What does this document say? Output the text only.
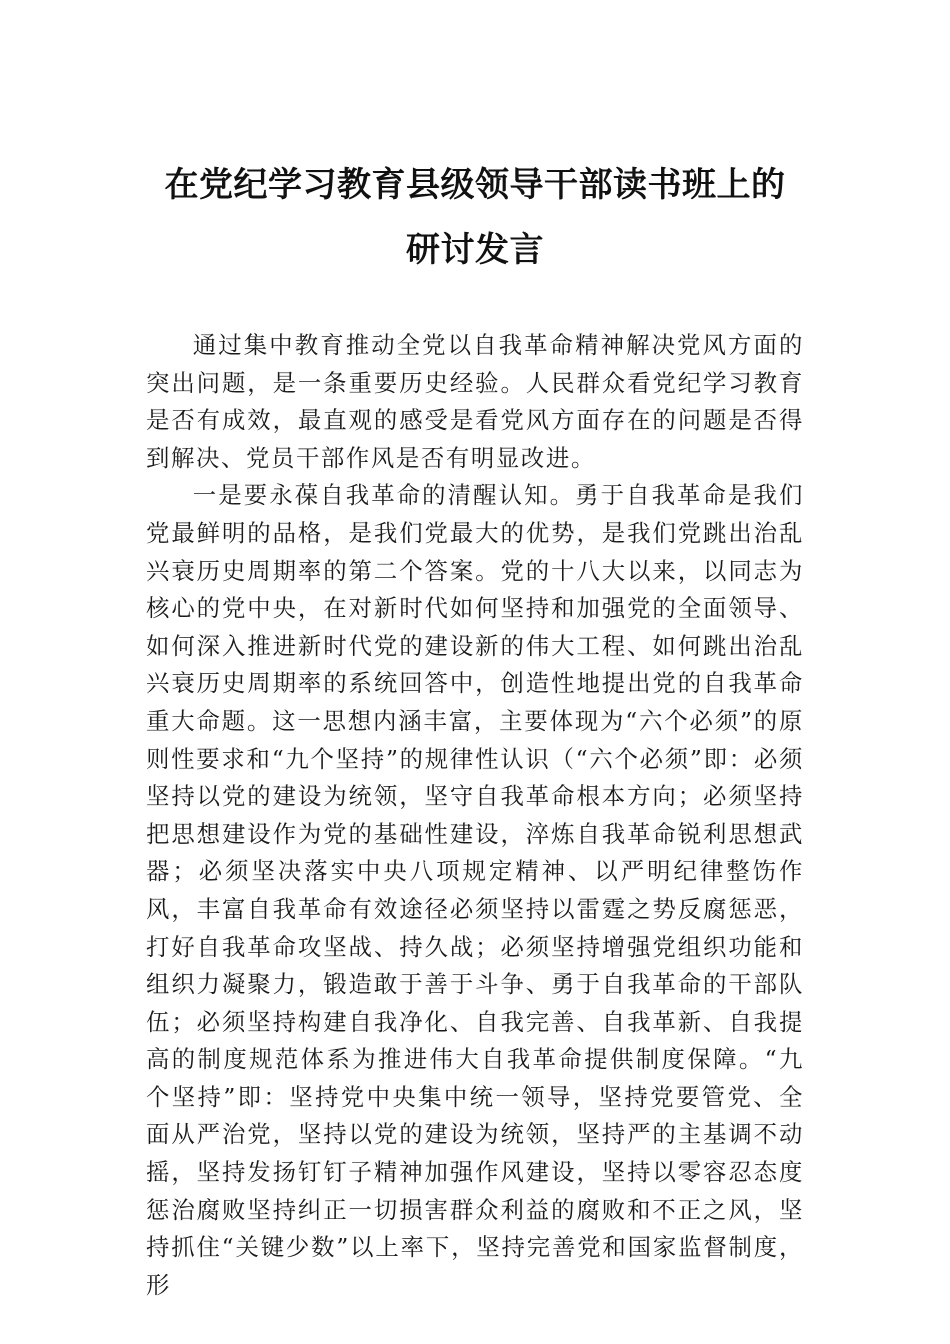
在党纪学习教育县级领导干部读书班上的
研讨发言

通过集中教育推动全党以自我革命精神解决党风方面的突出问题，是一条重要历史经验。人民群众看党纪学习教育是否有成效，最直观的感受是看党风方面存在的问题是否得到解决、党员干部作风是否有明显改进。

一是要永葆自我革命的清醒认知。勇于自我革命是我们党最鲜明的品格，是我们党最大的优势，是我们党跳出治乱兴衰历史周期率的第二个答案。党的十八大以来，以同志为核心的党中央，在对新时代如何坚持和加强党的全面领导、如何深入推进新时代党的建设新的伟大工程、如何跳出治乱兴衰历史周期率的系统回答中，创造性地提出党的自我革命重大命题。这一思想内涵丰富，主要体现为“六个必须”的原则性要求和“九个坚持”的规律性认识（“六个必须”即：必须坚持以党的建设为统领，坚守自我革命根本方向；必须坚持把思想建设作为党的基础性建设，淬炼自我革命锐利思想武器；必须坚决落实中央八项规定精神、以严明纪律整饬作风，丰富自我革命有效途径必须坚持以雷霆之势反腐惩恶，打好自我革命攻坚战、持久战；必须坚持增强党组织功能和组织力凝聚力，锻造敢于善于斗争、勇于自我革命的干部队伍；必须坚持构建自我净化、自我完善、自我革新、自我提高的制度规范体系为推进伟大自我革命提供制度保障。“九个坚持”即：坚持党中央集中统一领导，坚持党要管党、全面从严治党，坚持以党的建设为统领，坚持严的主基调不动摇，坚持发扬钉钉子精神加强作风建设，坚持以零容忍态度惩治腐败坚持纠正一切损害群众利益的腐败和不正之风，坚持抓住“关键少数”以上率下，坚持完善党和国家监督制度，形
